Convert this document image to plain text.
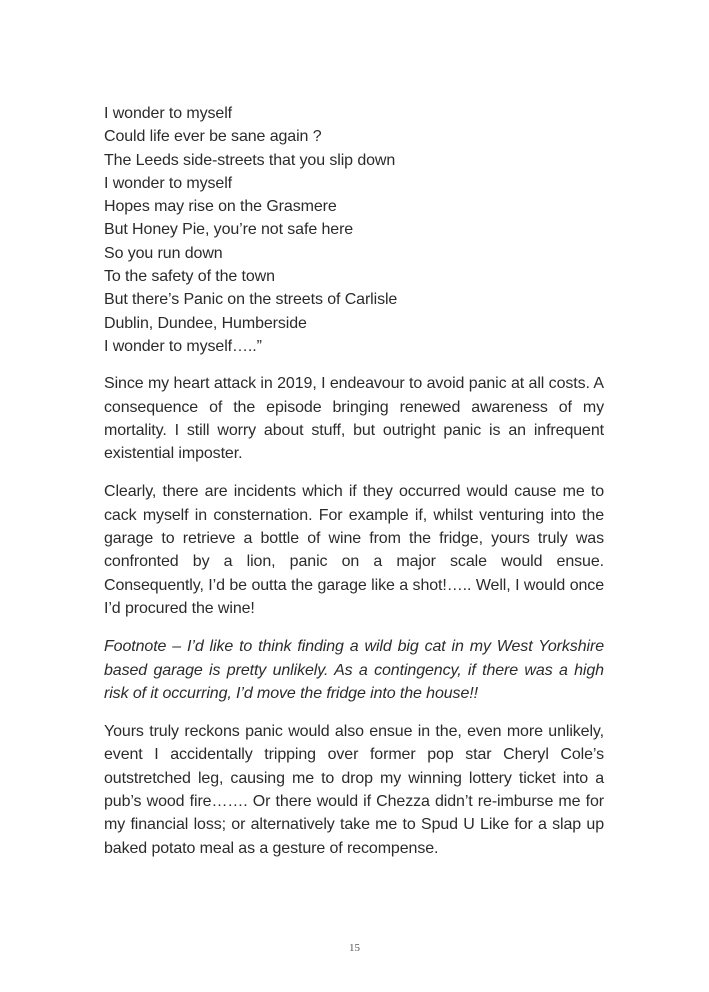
I wonder to myself
Could life ever be sane again ?
The Leeds side-streets that you slip down
I wonder to myself
Hopes may rise on the Grasmere
But Honey Pie, you’re not safe here
So you run down
To the safety of the town
But there’s Panic on the streets of Carlisle
Dublin, Dundee, Humberside
I wonder to myself…..”

Since my heart attack in 2019, I endeavour to avoid panic at all costs. A consequence of the episode bringing renewed awareness of my mortality. I still worry about stuff, but outright panic is an infrequent existential imposter.

Clearly, there are incidents which if they occurred would cause me to cack myself in consternation. For example if, whilst venturing into the garage to retrieve a bottle of wine from the fridge, yours truly was confronted by a lion, panic on a major scale would ensue. Consequently, I’d be outta the garage like a shot!….. Well, I would once I’d procured the wine!

Footnote – I’d like to think finding a wild big cat in my West Yorkshire based garage is pretty unlikely. As a contingency, if there was a high risk of it occurring, I’d move the fridge into the house!!

Yours truly reckons panic would also ensue in the, even more unlikely, event I accidentally tripping over former pop star Cheryl Cole’s outstretched leg, causing me to drop my winning lottery ticket into a pub’s wood fire……. Or there would if Chezza didn’t re-imburse me for my financial loss; or alternatively take me to Spud U Like for a slap up baked potato meal as a gesture of recompense.

15
